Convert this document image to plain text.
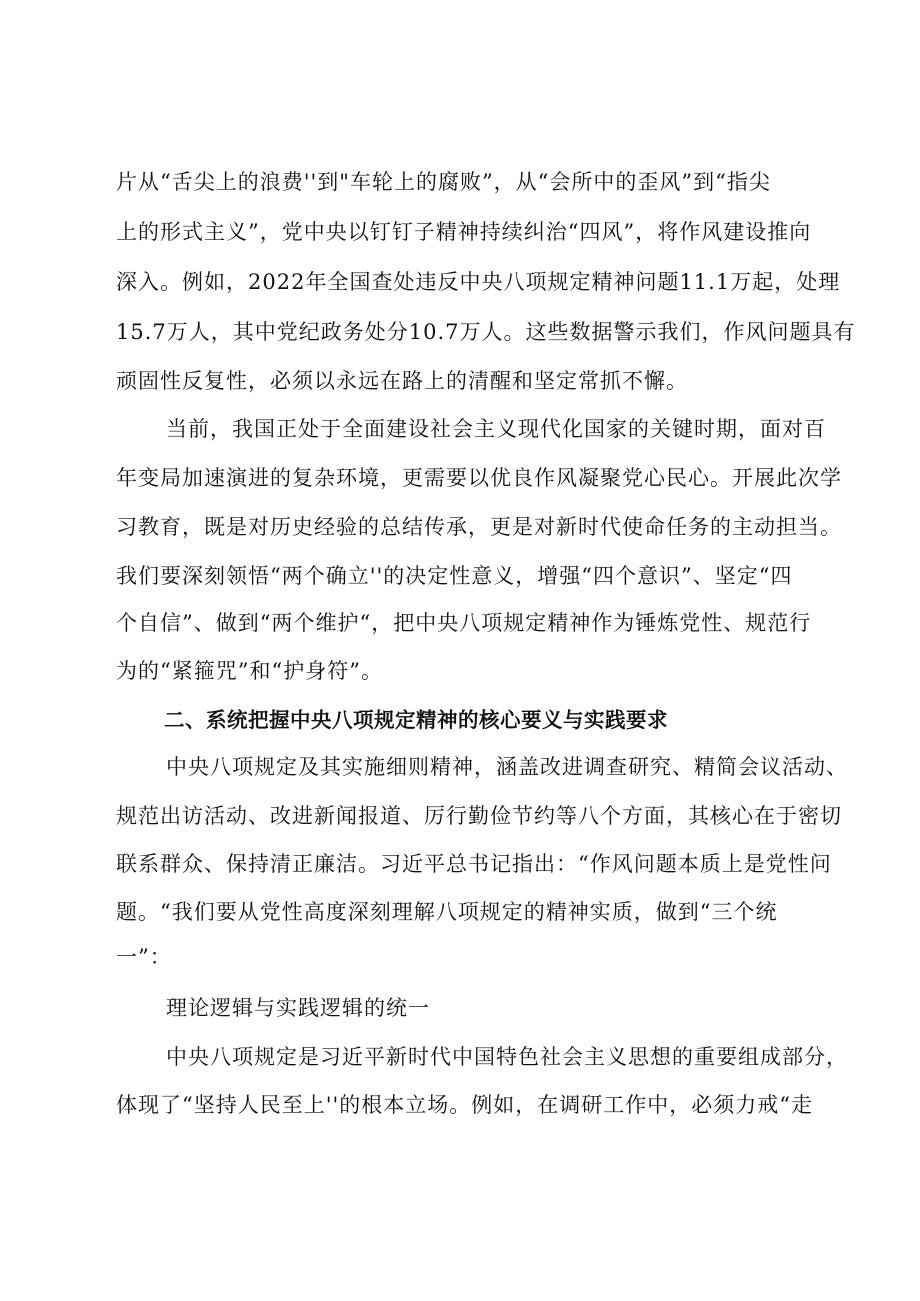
片从“舌尖上的浪费''到"车轮上的腐败”，从“会所中的歪风”到“指尖
上的形式主义”，党中央以钉钉子精神持续纠治“四风”，将作风建设推向
深入。例如，2022年全国查处违反中央八项规定精神问题11.1万起，处理
15.7万人，其中党纪政务处分10.7万人。这些数据警示我们，作风问题具有
顽固性反复性，必须以永远在路上的清醒和坚定常抓不懈。
当前，我国正处于全面建设社会主义现代化国家的关键时期，面对百
年变局加速演进的复杂环境，更需要以优良作风凝聚党心民心。开展此次学
习教育，既是对历史经验的总结传承，更是对新时代使命任务的主动担当。
我们要深刻领悟“两个确立''的决定性意义，增强“四个意识”、坚定“四
个自信”、做到“两个维护“，把中央八项规定精神作为锤炼党性、规范行
为的“紧箍咒”和“护身符”。
二、系统把握中央八项规定精神的核心要义与实践要求
中央八项规定及其实施细则精神，涵盖改进调查研究、精简会议活动、
规范出访活动、改进新闻报道、厉行勤俭节约等八个方面，其核心在于密切
联系群众、保持清正廉洁。习近平总书记指出：“作风问题本质上是党性问
题。“我们要从党性高度深刻理解八项规定的精神实质，做到“三个统
一”：
理论逻辑与实践逻辑的统一
中央八项规定是习近平新时代中国特色社会主义思想的重要组成部分，
体现了“坚持人民至上''的根本立场。例如，在调研工作中，必须力戒“走
